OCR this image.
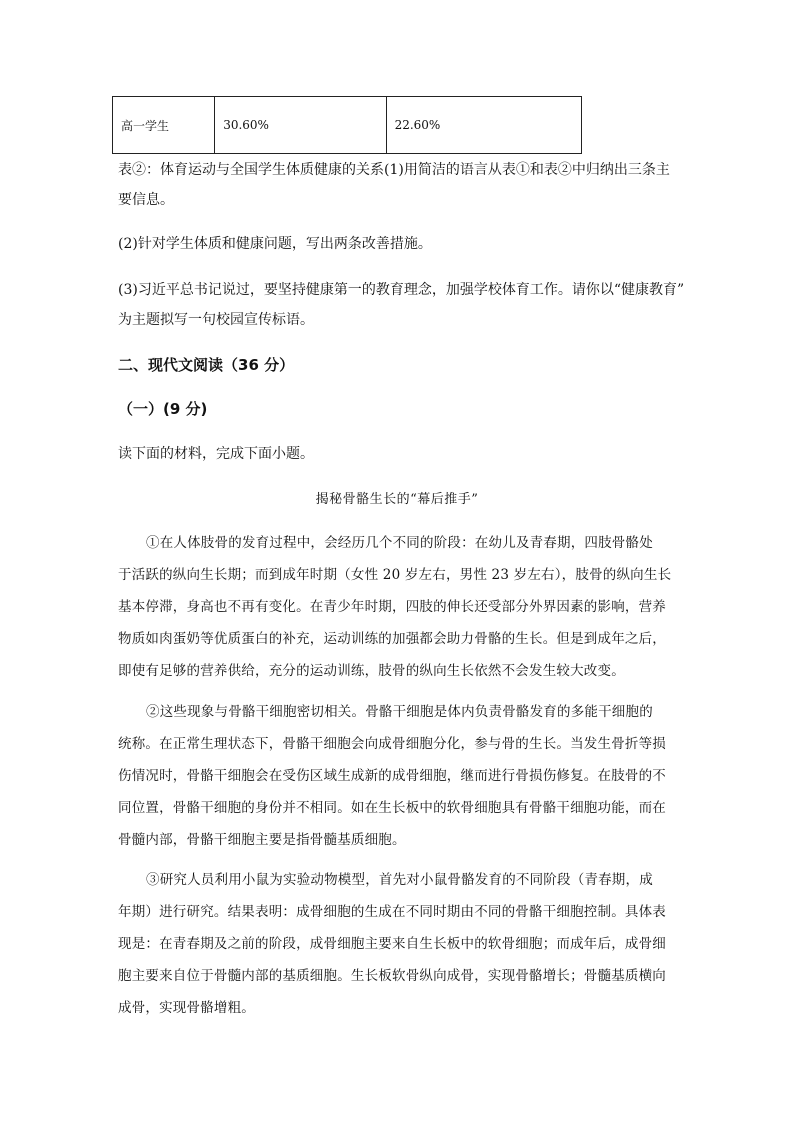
高一学生	30.60%	22.60%
表②：体育运动与全国学生体质健康的关系(1)用简洁的语言从表①和表②中归纳出三条主
要信息。
(2)针对学生体质和健康问题，写出两条改善措施。
(3)习近平总书记说过，要坚持健康第一的教育理念，加强学校体育工作。请你以“健康教育”
为主题拟写一句校园宣传标语。
二、现代文阅读（36 分）
（一）(9 分)
读下面的材料，完成下面小题。
揭秘骨骼生长的“幕后推手”
①在人体肢骨的发育过程中，会经历几个不同的阶段：在幼儿及青春期，四肢骨骼处
于活跃的纵向生长期；而到成年时期（女性 20 岁左右，男性 23 岁左右），肢骨的纵向生长
基本停滞，身高也不再有变化。在青少年时期，四肢的伸长还受部分外界因素的影响，营养
物质如肉蛋奶等优质蛋白的补充，运动训练的加强都会助力骨骼的生长。但是到成年之后，
即使有足够的营养供给，充分的运动训练，肢骨的纵向生长依然不会发生较大改变。
②这些现象与骨骼干细胞密切相关。骨骼干细胞是体内负责骨骼发育的多能干细胞的
统称。在正常生理状态下，骨骼干细胞会向成骨细胞分化，参与骨的生长。当发生骨折等损
伤情况时，骨骼干细胞会在受伤区域生成新的成骨细胞，继而进行骨损伤修复。在肢骨的不
同位置，骨骼干细胞的身份并不相同。如在生长板中的软骨细胞具有骨骼干细胞功能，而在
骨髓内部，骨骼干细胞主要是指骨髓基质细胞。
③研究人员利用小鼠为实验动物模型，首先对小鼠骨骼发育的不同阶段（青春期，成
年期）进行研究。结果表明：成骨细胞的生成在不同时期由不同的骨骼干细胞控制。具体表
现是：在青春期及之前的阶段，成骨细胞主要来自生长板中的软骨细胞；而成年后，成骨细
胞主要来自位于骨髓内部的基质细胞。生长板软骨纵向成骨，实现骨骼增长；骨髓基质横向
成骨，实现骨骼增粗。
